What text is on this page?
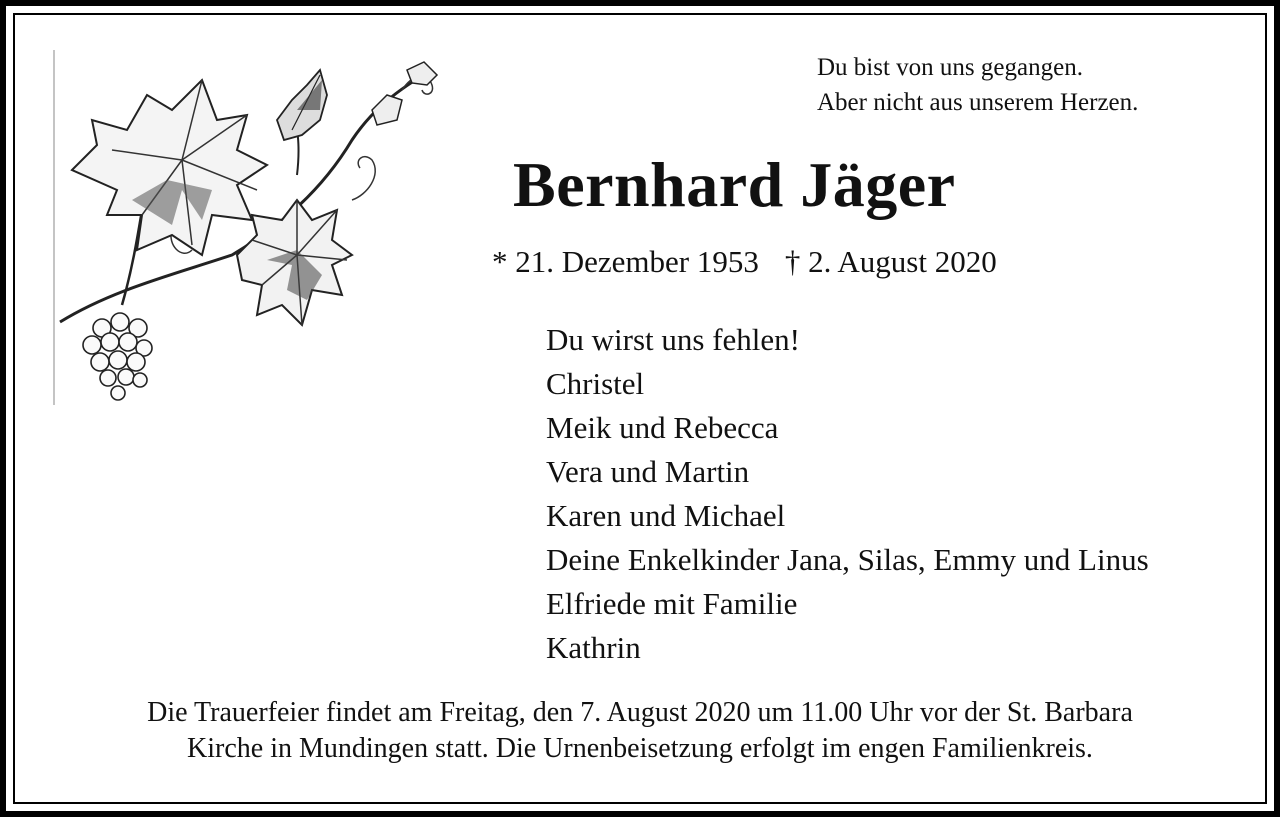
Du bist von uns gegangen.
Aber nicht aus unserem Herzen.
Bernhard Jäger
* 21. Dezember 1953 † 2. August 2020
Du wirst uns fehlen!
Christel
Meik und Rebecca
Vera und Martin
Karen und Michael
Deine Enkelkinder Jana, Silas, Emmy und Linus
Elfriede mit Familie
Kathrin
Die Trauerfeier findet am Freitag, den 7. August 2020 um 11.00 Uhr vor der St. Barbara
Kirche in Mundingen statt. Die Urnenbeisetzung erfolgt im engen Familienkreis.
